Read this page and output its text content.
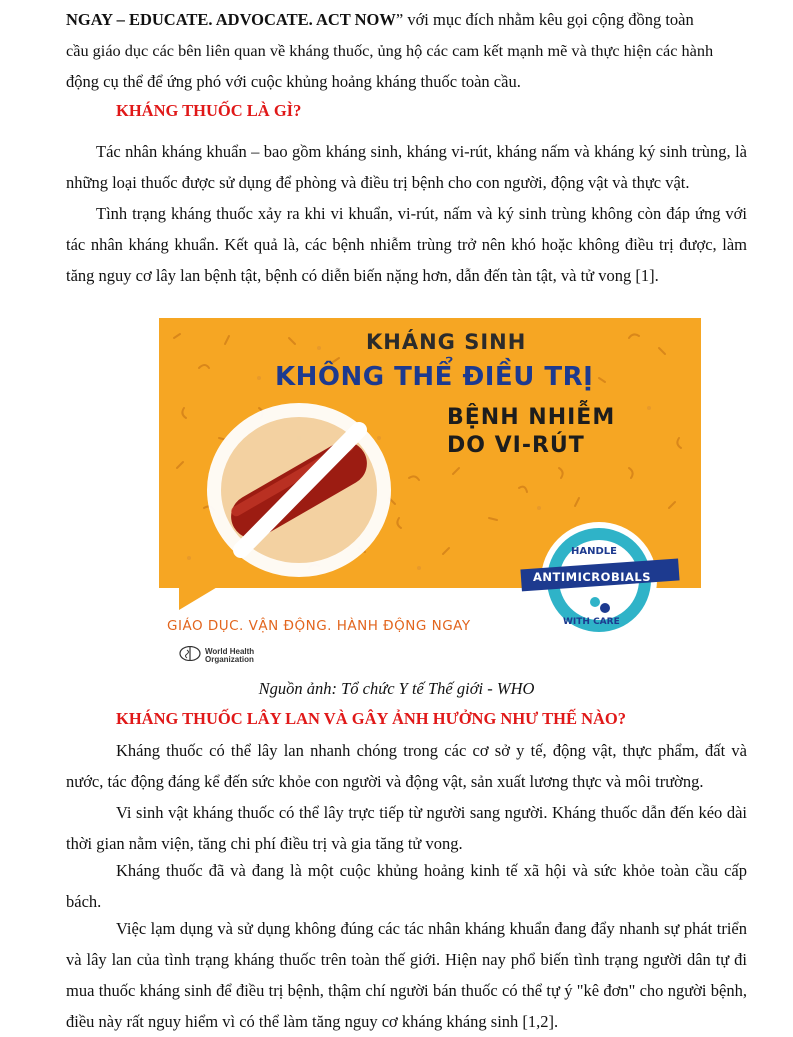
NGAY – EDUCATE. ADVOCATE. ACT NOW” với mục đích nhằm kêu gọi cộng đồng toàn

cầu giáo dục các bên liên quan về kháng thuốc, ủng hộ các cam kết mạnh mẽ và thực hiện các hành

động cụ thể để ứng phó với cuộc khủng hoảng kháng thuốc toàn cầu.

KHÁNG THUỐC LÀ GÌ?

Tác nhân kháng khuẩn – bao gồm kháng sinh, kháng vi-rút, kháng nấm và kháng ký sinh trùng, là những loại thuốc được sử dụng để phòng và điều trị bệnh cho con người, động vật và thực vật.

Tình trạng kháng thuốc xảy ra khi vi khuẩn, vi-rút, nấm và ký sinh trùng không còn đáp ứng với tác nhân kháng khuẩn. Kết quả là, các bệnh nhiễm trùng trở nên khó hoặc không điều trị được, làm tăng nguy cơ lây lan bệnh tật, bệnh có diễn biến nặng hơn, dẫn đến tàn tật, và tử vong [1].

HANDLE
WITH CARE
KHÁNG SINH
KHÔNG THỂ ĐIỀU TRỊ
BỆNH NHIỄM
DO VI-RÚT
ANTIMICROBIALS
GIÁO DỤC. VẬN ĐỘNG. HÀNH ĐỘNG NGAY
World Health
Organization

Nguồn ảnh: Tổ chức Y tế Thế giới - WHO

KHÁNG THUỐC LÂY LAN VÀ GÂY ẢNH HƯỞNG NHƯ THẾ NÀO?

Kháng thuốc có thể lây lan nhanh chóng trong các cơ sở y tế, động vật, thực phẩm, đất và nước, tác động đáng kể đến sức khỏe con người và động vật, sản xuất lương thực và môi trường.

Vi sinh vật kháng thuốc có thể lây trực tiếp từ người sang người. Kháng thuốc dẫn đến kéo dài thời gian nằm viện, tăng chi phí điều trị và gia tăng tử vong.

Kháng thuốc đã và đang là một cuộc khủng hoảng kinh tế xã hội và sức khỏe toàn cầu cấp bách.

Việc lạm dụng và sử dụng không đúng các tác nhân kháng khuẩn đang đẩy nhanh sự phát triển và lây lan của tình trạng kháng thuốc trên toàn thế giới. Hiện nay phổ biến tình trạng người dân tự đi mua thuốc kháng sinh để điều trị bệnh, thậm chí người bán thuốc có thể tự ý "kê đơn" cho người bệnh, điều này rất nguy hiểm vì có thể làm tăng nguy cơ kháng kháng sinh [1,2].
